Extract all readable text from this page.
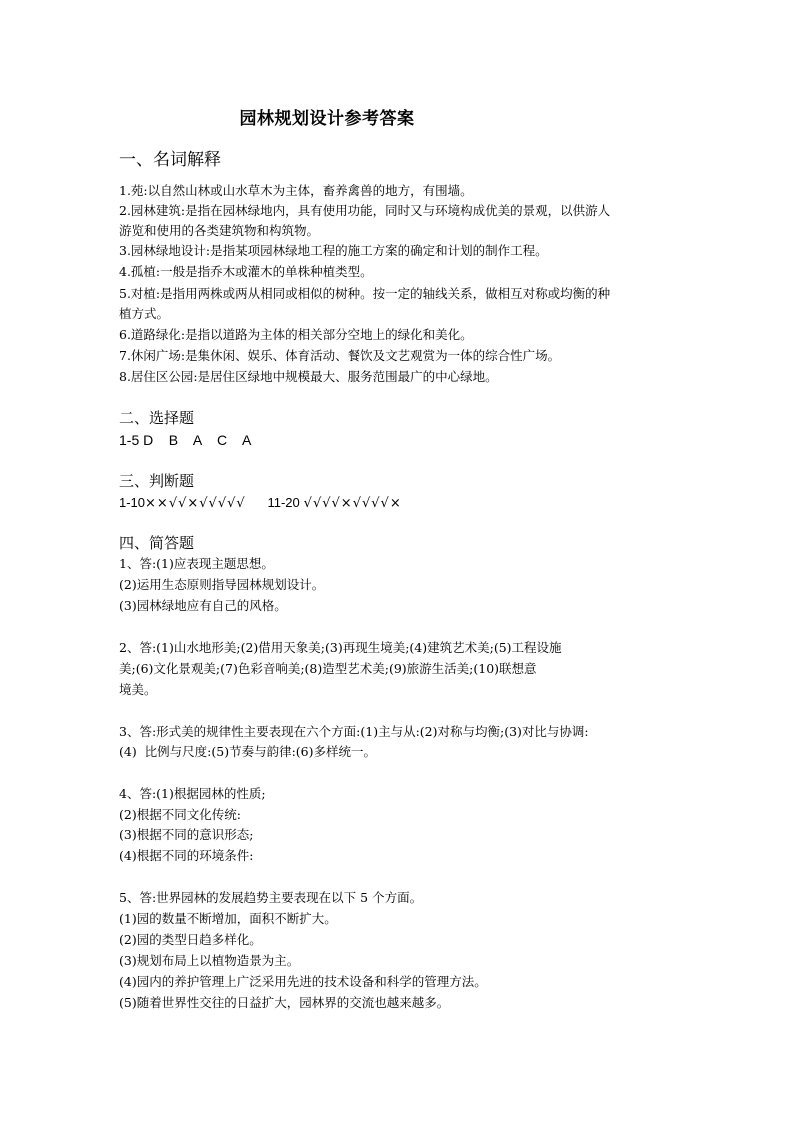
园林规划设计参考答案
一、名词解释
1.苑:以自然山林或山水草木为主体，畜养禽兽的地方，有围墙。
2.园林建筑:是指在园林绿地内，具有使用功能，同时又与环境构成优美的景观，以供游人
游览和使用的各类建筑物和构筑物。
3.园林绿地设计:是指某项园林绿地工程的施工方案的确定和计划的制作工程。
4.孤植:一般是指乔木或灌木的单株种植类型。
5.对植:是指用两株或两从相同或相似的树种。按一定的轴线关系，做相互对称或均衡的种
植方式。
6.道路绿化:是指以道路为主体的相关部分空地上的绿化和美化。
7.休闲广场:是集休闲、娱乐、体育活动、餐饮及文艺观赏为一体的综合性广场。
8.居住区公园:是居住区绿地中规模最大、服务范围最广的中心绿地。
二、选择题
1-5 D    B    A    C    A
三、判断题
1-10××√√×√√√√√ 11-20 √√√√×√√√√×
四、简答题
1、答:(1)应表现主题思想。
(2)运用生态原则指导园林规划设计。
(3)园林绿地应有自己的风格。
2、答:(1)山水地形美;(2)借用天象美;(3)再现生境美;(4)建筑艺术美;(5)工程设施
美;(6)文化景观美;(7)色彩音响美;(8)造型艺术美;(9)旅游生活美;(10)联想意
境美。
3、答:形式美的规律性主要表现在六个方面:(1)主与从:(2)对称与均衡;(3)对比与协调:
(4)  比例与尺度:(5)节奏与韵律:(6)多样统一。
4、答:(1)根据园林的性质;
(2)根据不同文化传统:
(3)根据不同的意识形态;
(4)根据不同的环境条件:
5、答:世界园林的发展趋势主要表现在以下 5 个方面。
(1)园的数量不断增加，面积不断扩大。
(2)园的类型日趋多样化。
(3)规划布局上以植物造景为主。
(4)园内的养护管理上广泛采用先进的技术设备和科学的管理方法。
(5)随着世界性交往的日益扩大，园林界的交流也越来越多。
